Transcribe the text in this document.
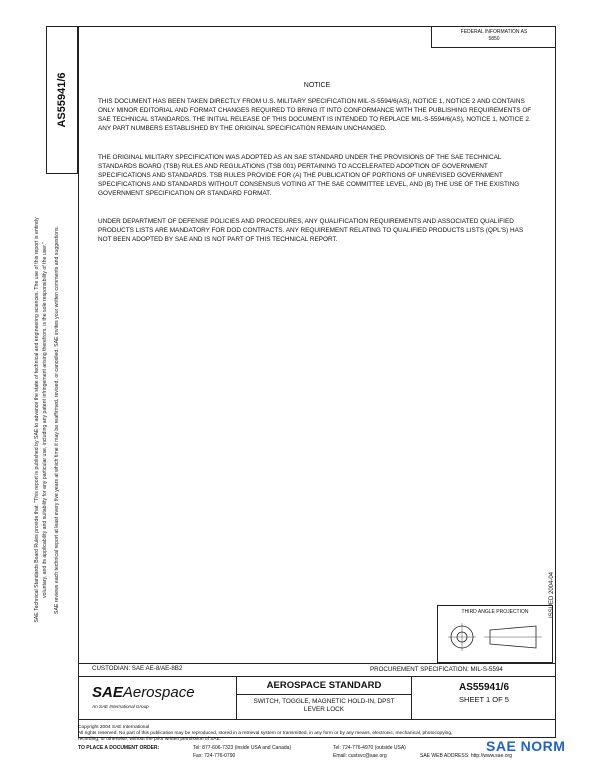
FEDERAL INFORMATION AS
5850
AS55941/6
SAE Technical Standards Board Rules provide that: "This report is published by SAE to advance the state of technical and engineering sciences. The use of this report is entirely voluntary, and its applicability and suitability for any particular use, including any patent infringement arising therefrom, is the sole responsibility of the user." SAE reviews each technical report at least every five years at which time it may be reaffirmed, revised, or cancelled. SAE invites your written comments and suggestions.	ISSUED 2004-04
NOTICE
THIS DOCUMENT HAS BEEN TAKEN DIRECTLY FROM U.S. MILITARY SPECIFICATION MIL-S-5594/6(AS), NOTICE 1, NOTICE 2 AND CONTAINS ONLY MINOR EDITORIAL AND FORMAT CHANGES REQUIRED TO BRING IT INTO CONFORMANCE WITH THE PUBLISHING REQUIREMENTS OF SAE TECHNICAL STANDARDS. THE INITIAL RELEASE OF THIS DOCUMENT IS INTENDED TO REPLACE MIL-S-5594/6(AS), NOTICE 1, NOTICE 2. ANY PART NUMBERS ESTABLISHED BY THE ORIGINAL SPECIFICATION REMAIN UNCHANGED.
THE ORIGINAL MILITARY SPECIFICATION WAS ADOPTED AS AN SAE STANDARD UNDER THE PROVISIONS OF THE SAE TECHNICAL STANDARDS BOARD (TSB) RULES AND REGULATIONS (TSB 001) PERTAINING TO ACCELERATED ADOPTION OF GOVERNMENT SPECIFICATIONS AND STANDARDS. TSB RULES PROVIDE FOR (A) THE PUBLICATION OF PORTIONS OF UNREVISED GOVERNMENT SPECIFICATIONS AND STANDARDS WITHOUT CONSENSUS VOTING AT THE SAE COMMITTEE LEVEL, AND (B) THE USE OF THE EXISTING GOVERNMENT SPECIFICATION OR STANDARD FORMAT.
UNDER DEPARTMENT OF DEFENSE POLICIES AND PROCEDURES, ANY QUALIFICATION REQUIREMENTS AND ASSOCIATED QUALIFIED PRODUCTS LISTS ARE MANDATORY FOR DOD CONTRACTS. ANY REQUIREMENT RELATING TO QUALIFIED PRODUCTS LISTS (QPL'S) HAS NOT BEEN ADOPTED BY SAE AND IS NOT PART OF THIS TECHNICAL REPORT.
THIRD ANGLE PROJECTION
CUSTODIAN: SAE AE-8/AE-8B2	PROCUREMENT SPECIFICATION: MIL-S-5594
SAEAerospace
An SAE International Group
AEROSPACE STANDARD
SWITCH, TOGGLE, MAGNETIC HOLD-IN, DPST
LEVER LOCK
AS55941/6
SHEET 1 OF 5
Copyright 2004 SAE International
All rights reserved. No part of this publication may be reproduced, stored in a retrieval system or transmitted, in any form or by any means, electronic, mechanical, photocopying,
recording, or otherwise, without the prior written permission of SAE.
TO PLACE A DOCUMENT ORDER:	Tel: 877-606-7323 (inside USA and Canada)	Tel: 724-776-4970 (outside USA)
Fax: 724-776-0790	Email: custsvc@sae.org	SAE WEB ADDRESS: http://www.sae.org
SAE NORM
